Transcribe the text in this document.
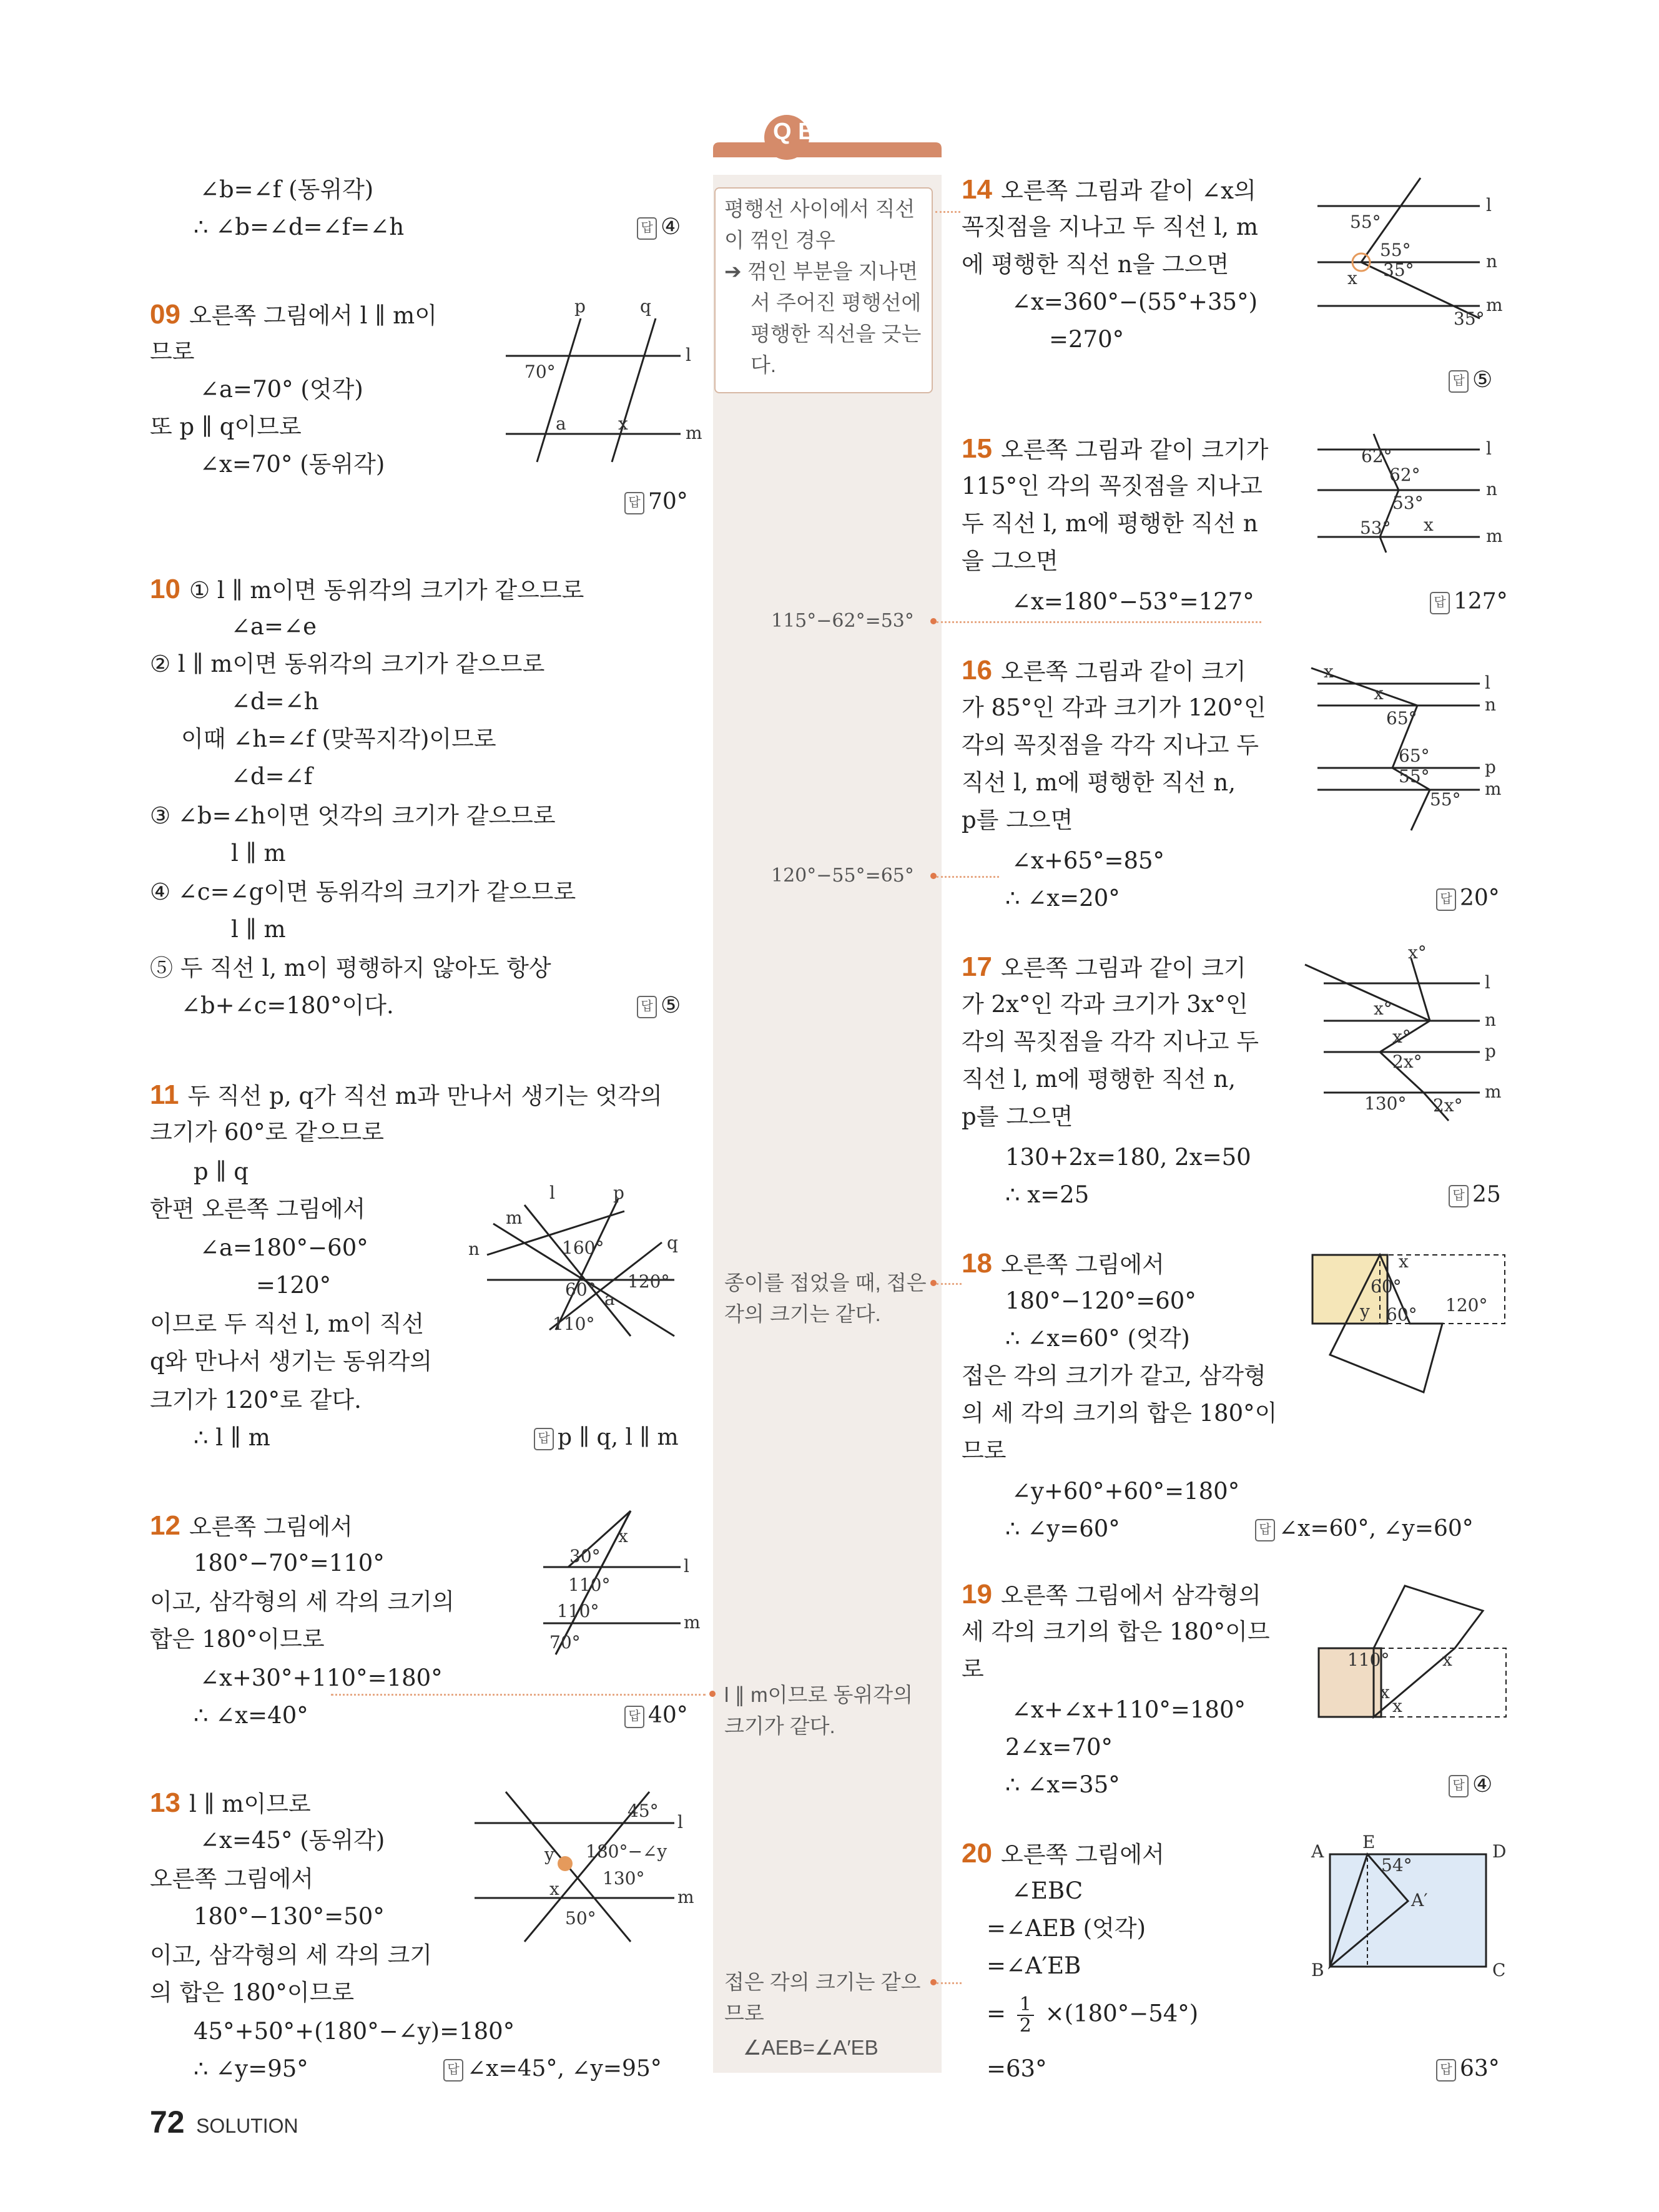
Q BOX
평행선 사이에서 직선
이 꺾인 경우
➔ 꺾인 부분을 지나면
서 주어진 평행선에
평행한 직선을 긋는
다.
115°−62°=53°
120°−55°=65°
종이를 접었을 때, 접은
각의 크기는 같다.
l ∥ m이므로 동위각의
크기가 같다.
접은 각의 크기는 같으
므로
∠AEB=∠A′EB
∠b=∠f (동위각)
∴ ∠b=∠d=∠f=∠h	답 ④
09 오른쪽 그림에서 l ∥ m이
므로
∠a=70° (엇각)
또 p ∥ q이므로
∠x=70° (동위각)
답 70°
p	q
l
m
70°
a	x
10 ① l ∥ m이면 동위각의 크기가 같으므로
∠a=∠e
② l ∥ m이면 동위각의 크기가 같으므로
∠d=∠h
이때 ∠h=∠f (맞꼭지각)이므로
∠d=∠f
③ ∠b=∠h이면 엇각의 크기가 같으므로
l ∥ m
④ ∠c=∠g이면 동위각의 크기가 같으므로
l ∥ m
⑤ 두 직선 l, m이 평행하지 않아도 항상
∠b+∠c=180°이다.	답 ⑤
11 두 직선 p, q가 직선 m과 만나서 생기는 엇각의
크기가 60°로 같으므로
p ∥ q
한편 오른쪽 그림에서
∠a=180°−60°
=120°
이므로 두 직선 l, m이 직선
q와 만나서 생기는 동위각의
크기가 120°로 같다.
∴ l ∥ m	답 p ∥ q, l ∥ m
l	p
m
n	q
160°
60° 120°
a
110°
12 오른쪽 그림에서
180°−70°=110°
이고, 삼각형의 세 각의 크기의
합은 180°이므로
∠x+30°+110°=180°
∴ ∠x=40°	답 40°
x
30°
110°
110°
70°
l
m
13 l ∥ m이므로
∠x=45° (동위각)
오른쪽 그림에서
180°−130°=50°
이고, 삼각형의 세 각의 크기
의 합은 180°이므로
45°+50°+(180°−∠y)=180°
∴ ∠y=95°	답 ∠x=45°, ∠y=95°
45°
l
y 180°−∠y
x
130°
m
50°
14 오른쪽 그림과 같이 ∠x의
꼭짓점을 지나고 두 직선 l, m
에 평행한 직선 n을 그으면
∠x=360°−(55°+35°)
=270°
답 ⑤
l
n
m
55°
55°
35°
x
35°
15 오른쪽 그림과 같이 크기가
115°인 각의 꼭짓점을 지나고
두 직선 l, m에 평행한 직선 n
을 그으면
∠x=180°−53°=127°	답 127°
l
n
m
62°
62°
53°
53° x
16 오른쪽 그림과 같이 크기
가 85°인 각과 크기가 120°인
각의 꼭짓점을 각각 지나고 두
직선 l, m에 평행한 직선 n,
p를 그으면
∠x+65°=85°
∴ ∠x=20°	답 20°
x
x
65°
65°
55°
55°
l
n
p
m
17 오른쪽 그림과 같이 크기
가 2x°인 각과 크기가 3x°인
각의 꼭짓점을 각각 지나고 두
직선 l, m에 평행한 직선 n,
p를 그으면
130+2x=180, 2x=50
∴ x=25	답 25
x°
x°
x°
2x°
2x°
130°
l
n
p
m
18 오른쪽 그림에서
180°−120°=60°
∴ ∠x=60° (엇각)
접은 각의 크기가 같고, 삼각형
의 세 각의 크기의 합은 180°이
므로
∠y+60°+60°=180°
∴ ∠y=60°	답 ∠x=60°, ∠y=60°
x
60°
y 60° 120°
19 오른쪽 그림에서 삼각형의
세 각의 크기의 합은 180°이므
로
∠x+∠x+110°=180°
2∠x=70°
∴ ∠x=35°	답 ④
110°	x
x
x
20 오른쪽 그림에서
∠EBC
=∠AEB (엇각)
=∠A′EB
= $\frac{1}{2} \times(180^\circ-54^\circ)$
=63°	답 63°
A E	D
54°
A′
B	C
72 SOLUTION
